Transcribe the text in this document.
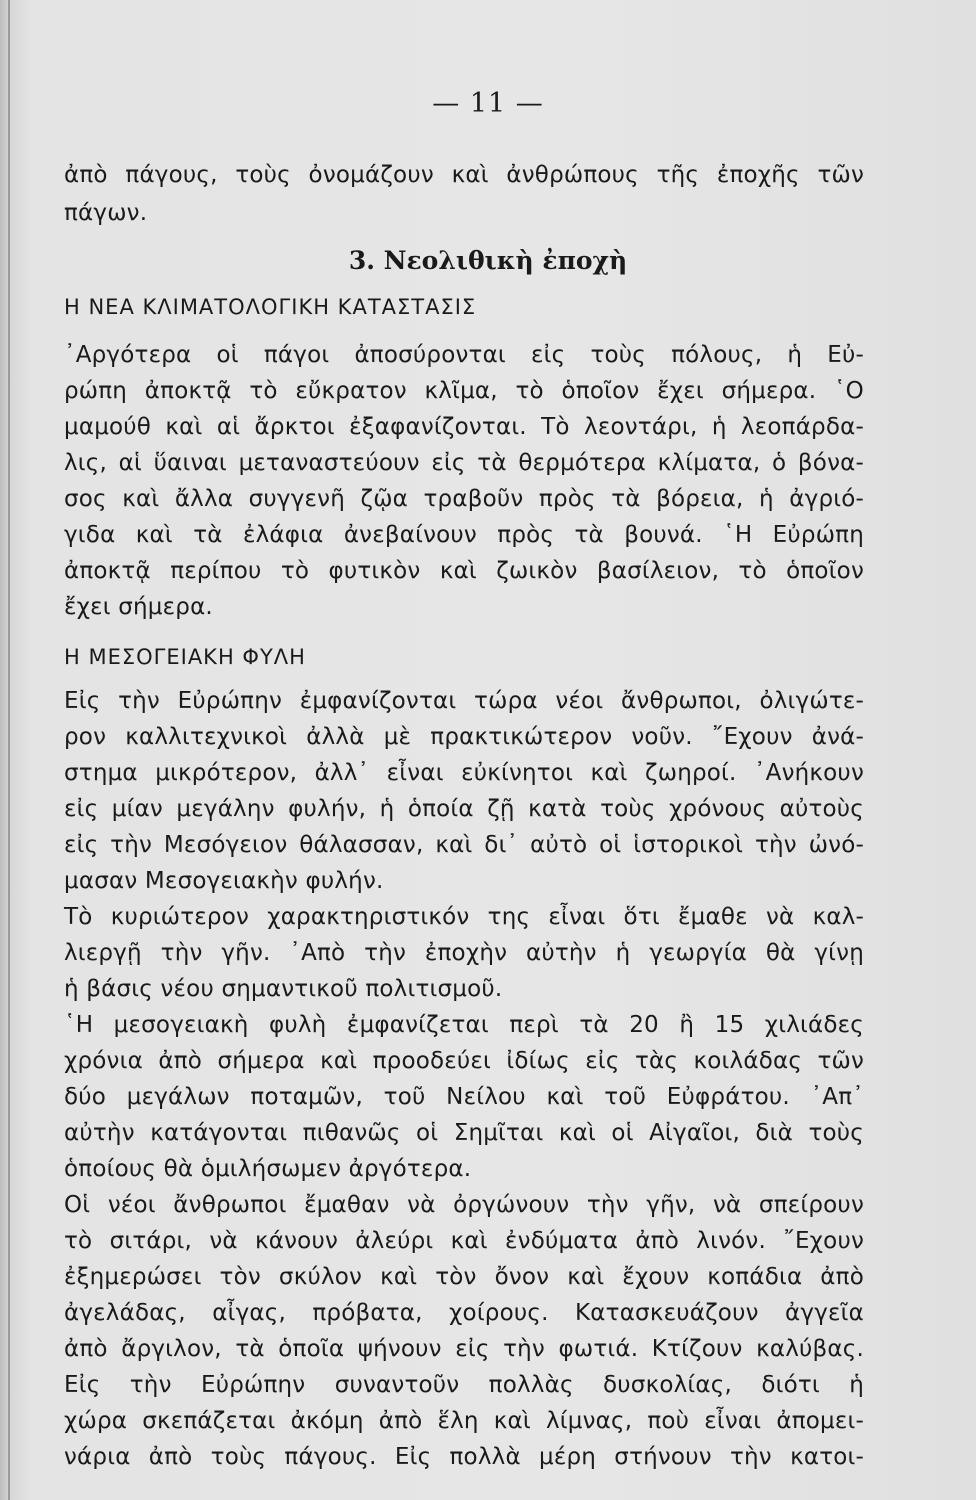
— 11 —
ἀπὸ πάγους, τοὺς ὀνομάζουν καὶ ἀνθρώπους τῆς ἐποχῆς τῶν
πάγων.
3. Νεολιθικὴ ἐποχὴ
Η ΝΕΑ ΚΛΙΜΑΤΟΛΟΓΙΚΗ ΚΑΤΑΣΤΑΣΙΣ
᾿Αργότερα οἱ πάγοι ἀποσύρονται εἰς τοὺς πόλους, ἡ Εὐ-
ρώπη ἀποκτᾷ τὸ εὔκρατον κλῖμα, τὸ ὁποῖον ἔχει σήμερα. ῾Ο
μαμούθ καὶ αἱ ἄρκτοι ἐξαφανίζονται. Τὸ λεοντάρι, ἡ λεοπάρδα-
λις, αἱ ὕαιναι μεταναστεύουν εἰς τὰ θερμότερα κλίματα, ὁ βόνα-
σος καὶ ἄλλα συγγενῆ ζῷα τραβοῦν πρὸς τὰ βόρεια, ἡ ἀγριό-
γιδα καὶ τὰ ἐλάφια ἀνεβαίνουν πρὸς τὰ βουνά. ῾Η Εὐρώπη
ἀποκτᾷ περίπου τὸ φυτικὸν καὶ ζωικὸν βασίλειον, τὸ ὁποῖον
ἔχει σήμερα.
Η ΜΕΣΟΓΕΙΑΚΗ ΦΥΛΗ
Εἰς τὴν Εὐρώπην ἐμφανίζονται τώρα νέοι ἄνθρωποι, ὀλιγώτε-
ρον καλλιτεχνικοὶ ἀλλὰ μὲ πρακτικώτερον νοῦν. ῎Εχουν ἀνά-
στημα μικρότερον, ἀλλ᾿ εἶναι εὐκίνητοι καὶ ζωηροί. ᾿Ανήκουν
εἰς μίαν μεγάλην φυλήν, ἡ ὁποία ζῇ κατὰ τοὺς χρόνους αὐτοὺς
εἰς τὴν Μεσόγειον θάλασσαν, καὶ δι᾿ αὐτὸ οἱ ἱστορικοὶ τὴν ὠνό-
μασαν Μεσογειακὴν φυλήν.
Τὸ κυριώτερον χαρακτηριστικόν της εἶναι ὅτι ἔμαθε νὰ καλ-
λιεργῇ τὴν γῆν. ᾿Απὸ τὴν ἐποχὴν αὐτὴν ἡ γεωργία θὰ γίνῃ
ἡ βάσις νέου σημαντικοῦ πολιτισμοῦ.
῾Η μεσογειακὴ φυλὴ ἐμφανίζεται περὶ τὰ 20 ἢ 15 χιλιάδες
χρόνια ἀπὸ σήμερα καὶ προοδεύει ἰδίως εἰς τὰς κοιλάδας τῶν
δύο μεγάλων ποταμῶν, τοῦ Νείλου καὶ τοῦ Εὐφράτου. ᾿Απ᾿
αὐτὴν κατάγονται πιθανῶς οἱ Σημῖται καὶ οἱ Αἰγαῖοι, διὰ τοὺς
ὁποίους θὰ ὁμιλήσωμεν ἀργότερα.
Οἱ νέοι ἄνθρωποι ἔμαθαν νὰ ὀργώνουν τὴν γῆν, νὰ σπείρουν
τὸ σιτάρι, νὰ κάνουν ἀλεύρι καὶ ἐνδύματα ἀπὸ λινόν. ῎Εχουν
ἐξημερώσει τὸν σκύλον καὶ τὸν ὄνον καὶ ἔχουν κοπάδια ἀπὸ
ἀγελάδας, αἶγας, πρόβατα, χοίρους. Κατασκευάζουν ἀγγεῖα
ἀπὸ ἄργιλον, τὰ ὁποῖα ψήνουν εἰς τὴν φωτιά. Κτίζουν καλύβας.
Εἰς τὴν Εὐρώπην συναντοῦν πολλὰς δυσκολίας, διότι ἡ
χώρα σκεπάζεται ἀκόμη ἀπὸ ἕλη καὶ λίμνας, ποὺ εἶναι ἀπομει-
νάρια ἀπὸ τοὺς πάγους. Εἰς πολλὰ μέρη στήνουν τὴν κατοι-
